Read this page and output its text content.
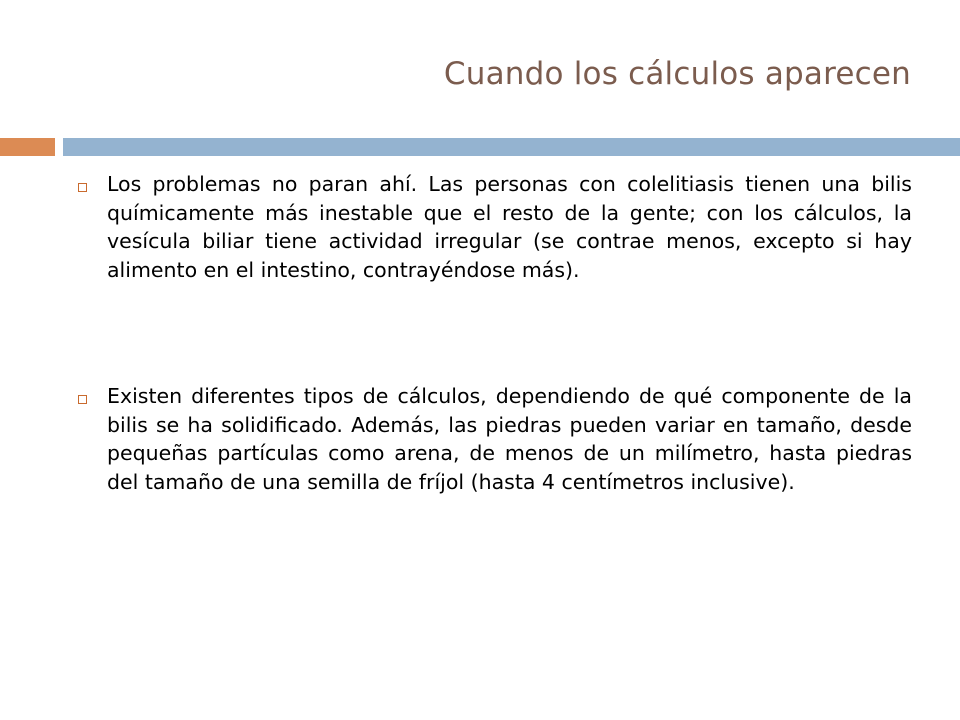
Cuando los cálculos aparecen

Los problemas no paran ahí. Las personas con colelitiasis tienen una bilis químicamente más inestable que el resto de la gente; con los cálculos, la vesícula biliar tiene actividad irregular (se contrae menos, excepto si hay alimento en el intestino, contrayéndose más).

Existen diferentes tipos de cálculos, dependiendo de qué componente de la bilis se ha solidificado. Además, las piedras pueden variar en tamaño, desde pequeñas partículas como arena, de menos de un milímetro, hasta piedras del tamaño de una semilla de fríjol (hasta 4 centímetros inclusive).
